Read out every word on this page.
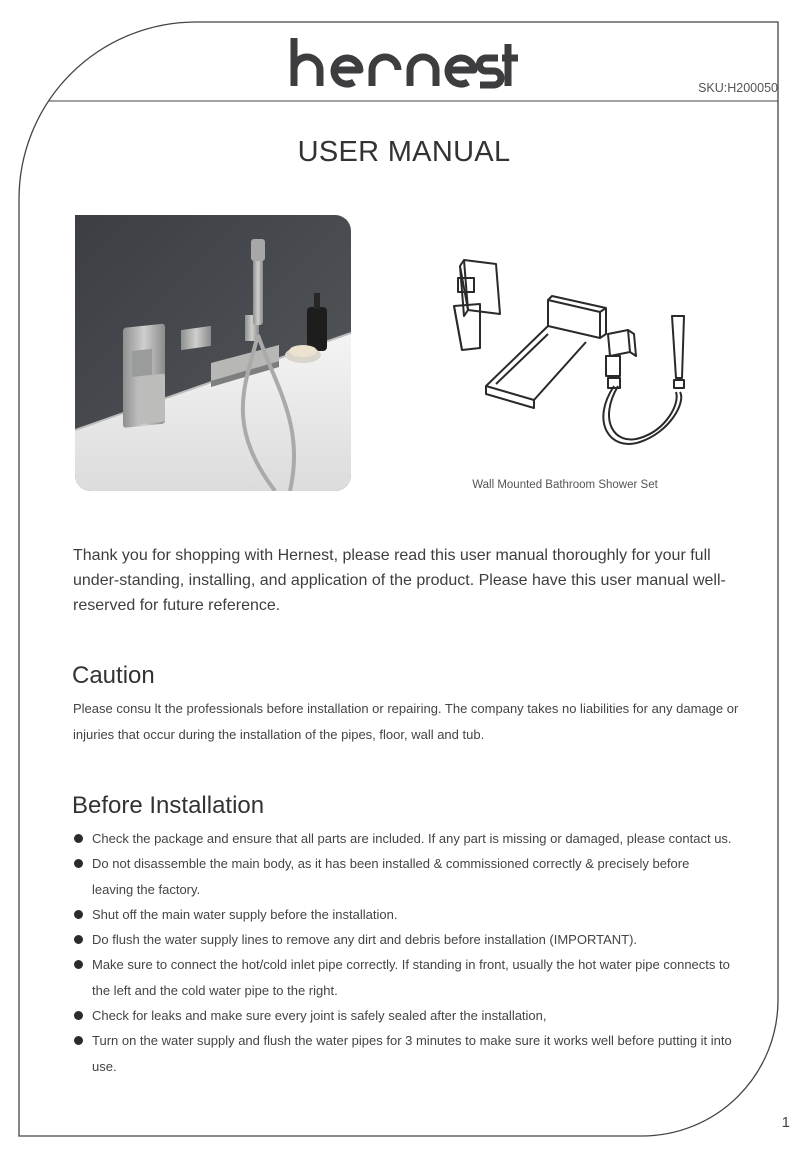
SKU:H200050
USER MANUAL
Wall Mounted Bathroom Shower Set

Thank you for shopping with Hernest, please read this user manual thoroughly for your full under-standing, installing, and application of the product. Please have this user manual well-reserved for future reference.

Caution

Please consu lt the professionals before installation or repairing. The company takes no liabilities for any damage or injuries that occur during the installation of the pipes, floor, wall and tub.

Before Installation
Check the package and ensure that all parts are included. If any part is missing or damaged, please contact us.
Do not disassemble the main body, as it has been installed & commissioned correctly & precisely before leaving the factory.
Shut off the main water supply before the installation.
Do flush the water supply lines to remove any dirt and debris before installation (IMPORTANT).
Make sure to connect the hot/cold inlet pipe correctly. If standing in front, usually the hot water pipe connects to the left and the cold water pipe to the right.
Check for leaks and make sure every joint is safely sealed after the installation,
Turn on the water supply and flush the water pipes for 3 minutes to make sure it works well before putting it into use.
1
